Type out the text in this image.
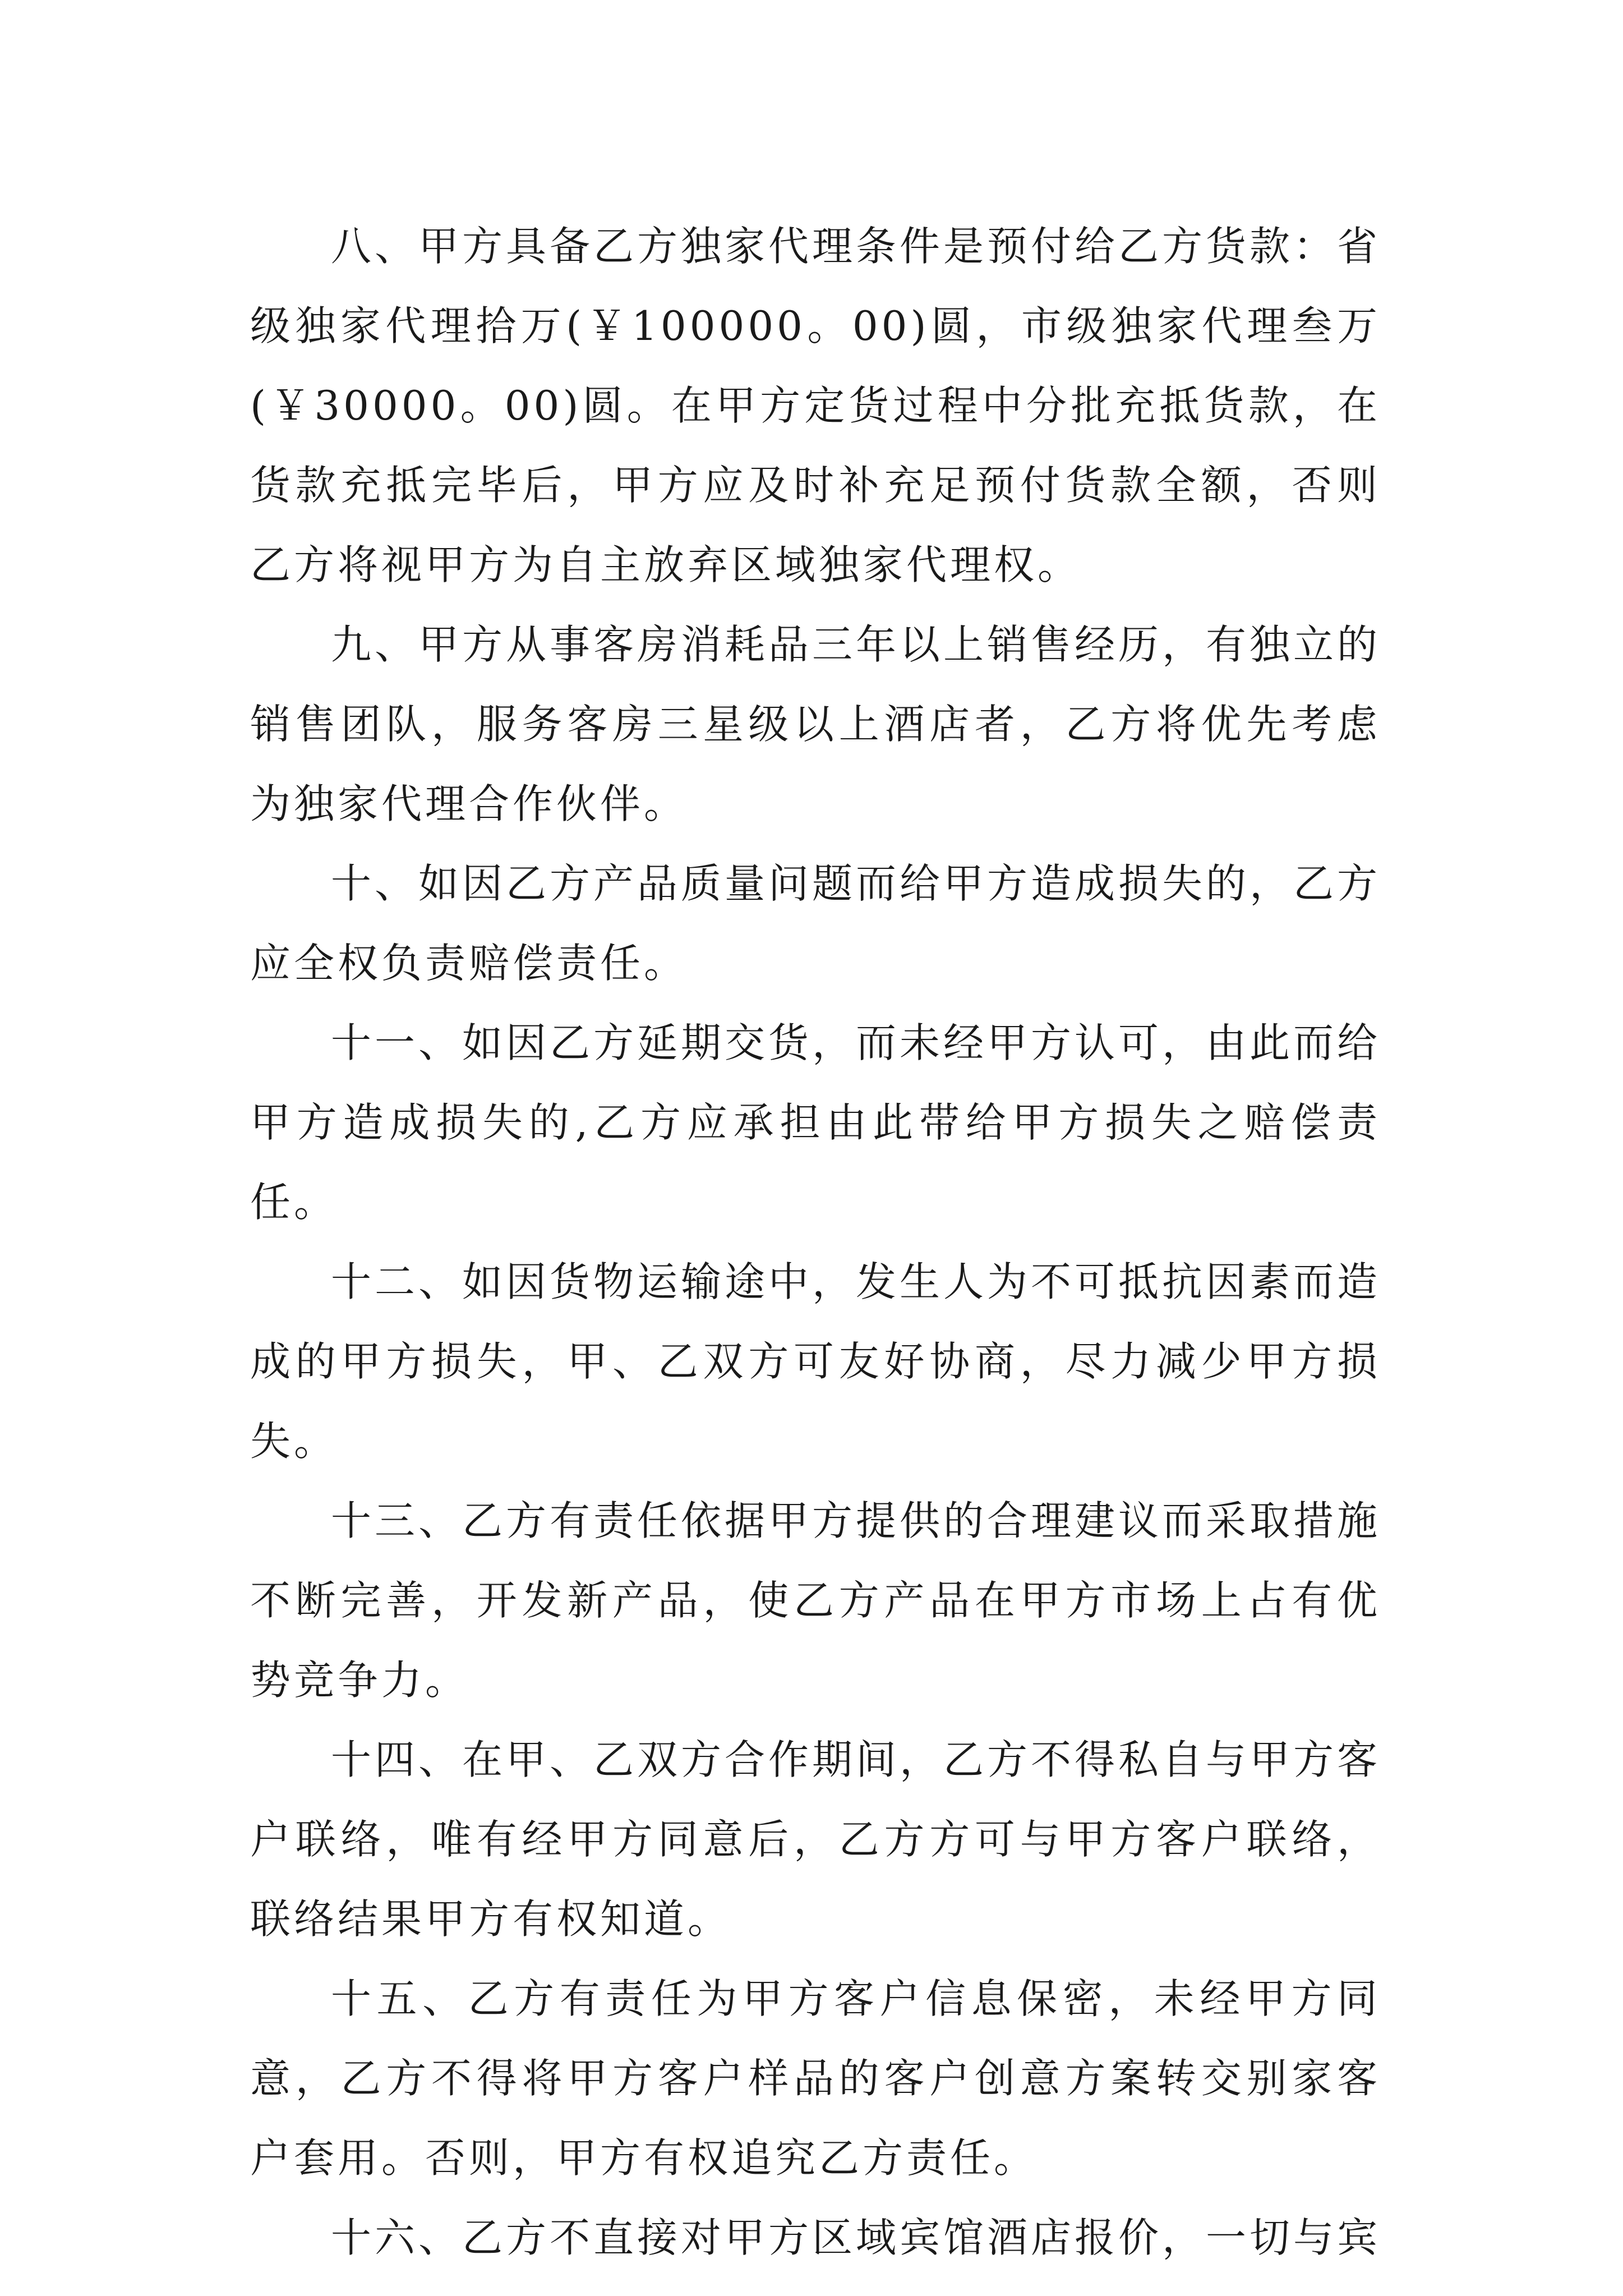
八、甲方具备乙方独家代理条件是预付给乙方货款：省级独家代理拾万(￥100000。00)圆，市级独家代理叁万(￥30000。00)圆。在甲方定货过程中分批充抵货款，在货款充抵完毕后，甲方应及时补充足预付货款全额，否则乙方将视甲方为自主放弃区域独家代理权。

九、甲方从事客房消耗品三年以上销售经历，有独立的销售团队，服务客房三星级以上酒店者，乙方将优先考虑为独家代理合作伙伴。

十、如因乙方产品质量问题而给甲方造成损失的，乙方应全权负责赔偿责任。

十一、如因乙方延期交货，而未经甲方认可，由此而给甲方造成损失的,乙方应承担由此带给甲方损失之赔偿责任。

十二、如因货物运输途中，发生人为不可抵抗因素而造成的甲方损失，甲、乙双方可友好协商，尽力减少甲方损失。

十三、乙方有责任依据甲方提供的合理建议而采取措施不断完善，开发新产品，使乙方产品在甲方市场上占有优势竞争力。

十四、在甲、乙双方合作期间，乙方不得私自与甲方客户联络，唯有经甲方同意后，乙方方可与甲方客户联络，联络结果甲方有权知道。

十五、乙方有责任为甲方客户信息保密，未经甲方同意，乙方不得将甲方客户样品的客户创意方案转交别家客户套用。否则，甲方有权追究乙方责任。

十六、乙方不直接对甲方区域宾馆酒店报价，一切与宾
